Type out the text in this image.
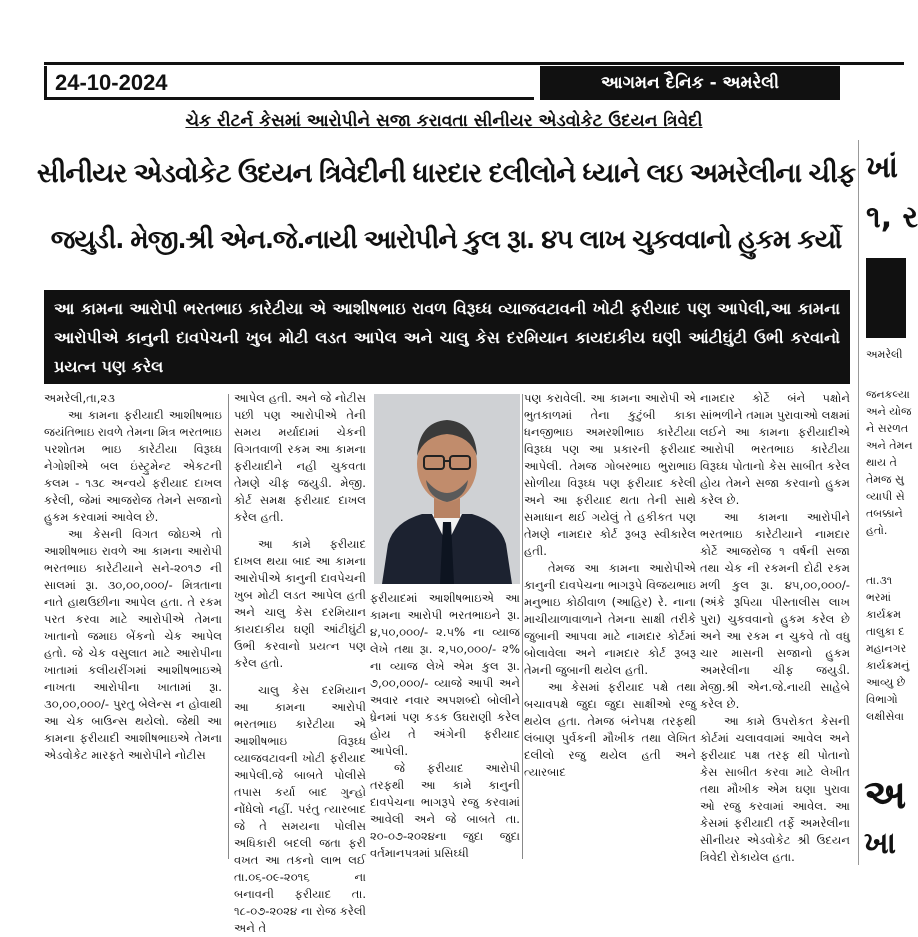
24-10-2024	આગમન દૈનિક - અમરેલી
ચેક રીટર્ન કેસમાં આરોપીને સજા કરાવતા સીનીયર એડવોકેટ ઉદયન ત્રિવેદી
સીનીયર એડવોકેટ ઉદયન ત્રિવેદીની ધારદાર દલીલોને ધ્યાને લઇ અમરેલીના ચીફ
જયુડી. મેજી.શ્રી એન.જે.નાયી આરોપીને કુલ રૂા. ૪૫ લાખ ચુકવવાનો હુકમ કર્યો
આ કામના આરોપી ભરતભાઇ કારેટીયા એ આશીષભાઇ રાવળ વિરૂઘ્ધ વ્યાજવટાવની ખોટી ફરીયાદ પણ આપેલી,આ કામના આરોપીએ કાનુની દાવપેચની ખુબ મોટી લડત આપેલ અને ચાલુ કેસ દરમિયાન કાયદાકીય ઘણી આંટીઘુંટી ઉભી કરવાનો પ્રયત્ન પણ કરેલ

અમરેલી,તા,૨૩

આ કામના ફરીયાદી આશીષભાઇ જયંતિભાઇ રાવળે તેમના મિત્ર ભરતભાઇ પરશોતમ ભાઇ કારેટીયા વિરૂઘ્ધ નેગોશીએ બલ ઇંસ્ટ્રુમેન્ટ એકટની કલમ - ૧૩૮ અન્વયે ફરીયાદ દાખલ કરેલી, જેમાં આજરોજ તેમને સજાનો હુકમ કરવામાં આવેલ છે.

આ કેસની વિગત જોઇએ તો આશીષભાઇ રાવળે આ કામના આરોપી ભરતભાઇ કારેટીયાને સને-૨૦૧૭ ની સાલમાં રૂા. ૩૦,૦૦,૦૦૦/- મિત્રતાના નાતે હાથઉછીના આપેલ હતા. તે રકમ પરત કરવા માટે આરોપીએ તેમના ખાતાનો જમાઇ બેંકનો ચેક આપેલ હતો. જે ચેક વસુલાત માટે આરોપીના ખાતામાં કલીયરીંગમાં આશીષભાઇએ નાખતા આરોપીના ખાતામાં રૂા. ૩૦,૦૦,૦૦૦/- પુરતુ બેલેન્સ ન હોવાથી આ ચેક બાઉન્સ થયેલો. જેથી આ કામના ફરીયાદી આશીષભાઇએ તેમના એડવોકેટ મારફતે આરોપીને નોટીસ

આપેલ હતી. અને જે નોટીસ પછી પણ આરોપીએ તેની સમય મર્યાદામાં ચેકની વિગતવાળી રકમ આ કામના ફરીયાદીને નહી ચુકવતા તેમણે ચીફ જયુડી. મેજી. કોર્ટ સમક્ષ ફરીયાદ દાખલ કરેલ હતી.

આ કામે ફરીયાદ દાખલ થયા બાદ આ કામના આરોપીએ કાનુની દાવપેચની ખુબ મોટી લડત આપેલ હતી અને ચાલુ કેસ દરમિયાન કાયદાકીય ઘણી આંટીઘુંટી ઉભી કરવાનો પ્રયત્ન પણ કરેલ હતો.

ચાલુ કેસ દરમિયાન આ કામના આરોપી ભરતભાઇ કારેટીયા એ આશીષભાઇ વિરૂઘ્ધ વ્યાજવટાવની ખોટી ફરીયાદ આપેલી.જે બાબતે પોલીસે તપાસ કર્યા બાદ ગુન્હો નોંધેલો નહીં. પરંતુ ત્યારબાદ જે તે સમયના પોલીસ અધિકારી બદલી જતા ફરી વખત આ તકનો લાભ લઈ તા.૦૬-૦૯-૨૦૧૬ ના બનાવની ફરીયાદ તા. ૧૮-૦૭-૨૦૨૪ ના રોજ કરેલી અને તે

ફરીયાદમાં આશીષભાઇએ આ કામના આરોપી ભરતભાઇને રૂા. ૪,૫૦,૦૦૦/- ૨.૫% ના વ્યાજ લેખે તથા રૂા. ૨,૫૦,૦૦૦/- ૨% ના વ્યાજ લેખે એમ કુલ રૂા. ૭,૦૦,૦૦૦/- વ્યાજે આપી અને અવાર નવાર અપશબ્દો બોલીને ધ્રેનમાં પણ કડક ઉઘરાણી કરેલ હોય તે અંગેની ફરીયાદ આપેલી.

જે ફરીયાદ આરોપી તરફથી આ કામે કાનુની દાવપેચના ભાગરૂપે રજુ કરવામાં આવેલી અને જે બાબતે તા. ૨૦-૦૭-૨૦૨૪ના જુદા જુદા વર્તમાનપત્રમાં પ્રસિઘ્ધી

પણ કરાવેલી. આ કામના આરોપી એ ભુતકાળમાં તેના કુટુંબી કાકા ધનજીભાઇ અમરશીભાઇ કારેટીયા વિરૂઘ્ધ પણ આ પ્રકારની ફરીયાદ આપેલી. તેમજ ગોબરભાઇ ભુરાભાઇ સોળીયા વિરૂઘ્ધ પણ ફરીયાદ કરેલી અને આ ફરીયાદ થતા તેની સાથે સમાધાન થઈ ગયેલું તે હકીકત પણ તેમણે નામદાર કોર્ટ રૂબરૂ સ્વીકારેલ હતી.

તેમજ આ કામના આરોપીએ કાનુની દાવપેચના ભાગરૂપે વિજયભાઇ મનુભાઇ કોઠીવાળ (આહિર) રે. નાના માચીયાળાવાળાને તેમના સાક્ષી તરીકે જુબાની આપવા માટે નામદાર કોર્ટમાં બોલાવેલા અને નામદાર કોર્ટ રૂબરૂ તેમની જુબાની થયેલ હતી.

આ કેસમાં ફરીયાદ પક્ષે તથા બચાવપક્ષે જુદા જુદા સાક્ષીઓ રજુ થયેલ હતા. તેમજ બંનેપક્ષ તરફથી લંબાણ પુર્વકની મૌખીક તથા લેખિત દલીલો રજુ થયેલ હતી અને ત્યારબાદ

નામદાર કોર્ટે બંને પક્ષોને સાંભળીને તમામ પુરાવાઓ લક્ષમાં લઈને આ કામના ફરીયાદીએ આરોપી ભરતભાઇ કારેટીયા વિરૂઘ્ધ પોતાનો કેસ સાબીત કરેલ હોય તેમને સજા કરવાનો હુકમ કરેલ છે.

આ કામના આરોપીને ભરતભાઇ કારેટીયાને નામદાર કોર્ટે આજરોજ ૧ વર્ષની સજા તથા ચેક ની રકમની દોઢી રકમ મળી કુલ રૂા. ૪૫,૦૦,૦૦૦/- (અંકે રૂપિયા પીસ્તાલીસ લાખ પુરા) ચુકવવાનો હુકમ કરેલ છે અને આ રકમ ન ચુકવે તો વધુ ચાર માસની સજાનો હુકમ અમરેલીના ચીફ જયુડી. મેજી.શ્રી એન.જે.નાયી સાહેબે કરેલ છે.

આ કામે ઉપરોકત કેસની કોર્ટમાં ચલાવવામાં આવેલ અને ફરીયાદ પક્ષ તરફ થી પોતાનો કેસ સાબીત કરવા માટે લેખીત તથા મૌખીક એમ ઘણા પુરાવા ઓ રજુ કરવામાં આવેલ. આ કેસમાં ફરીયાદી તર્ફે અમરેલીના સીનીયર એડવોકેટ શ્રી ઉદયન ત્રિવેદી રોકાયેલ હતા.

ખાં
૧, ર
અમરેલી
જનકલ્યા
અને યોજ
ને સરળત
અને તેમન
થાય તે
તેમજ સુ
વ્યાપી સે
તબક્કાને
હતો.
તા.૩૧
ભરમાં
કાર્યક્રમ
તાલુકા દ
મહાનગર
કાર્યક્રમનું
આવ્યુ છે
વિભાગો
લક્ષીસેવા
અ
ખા
